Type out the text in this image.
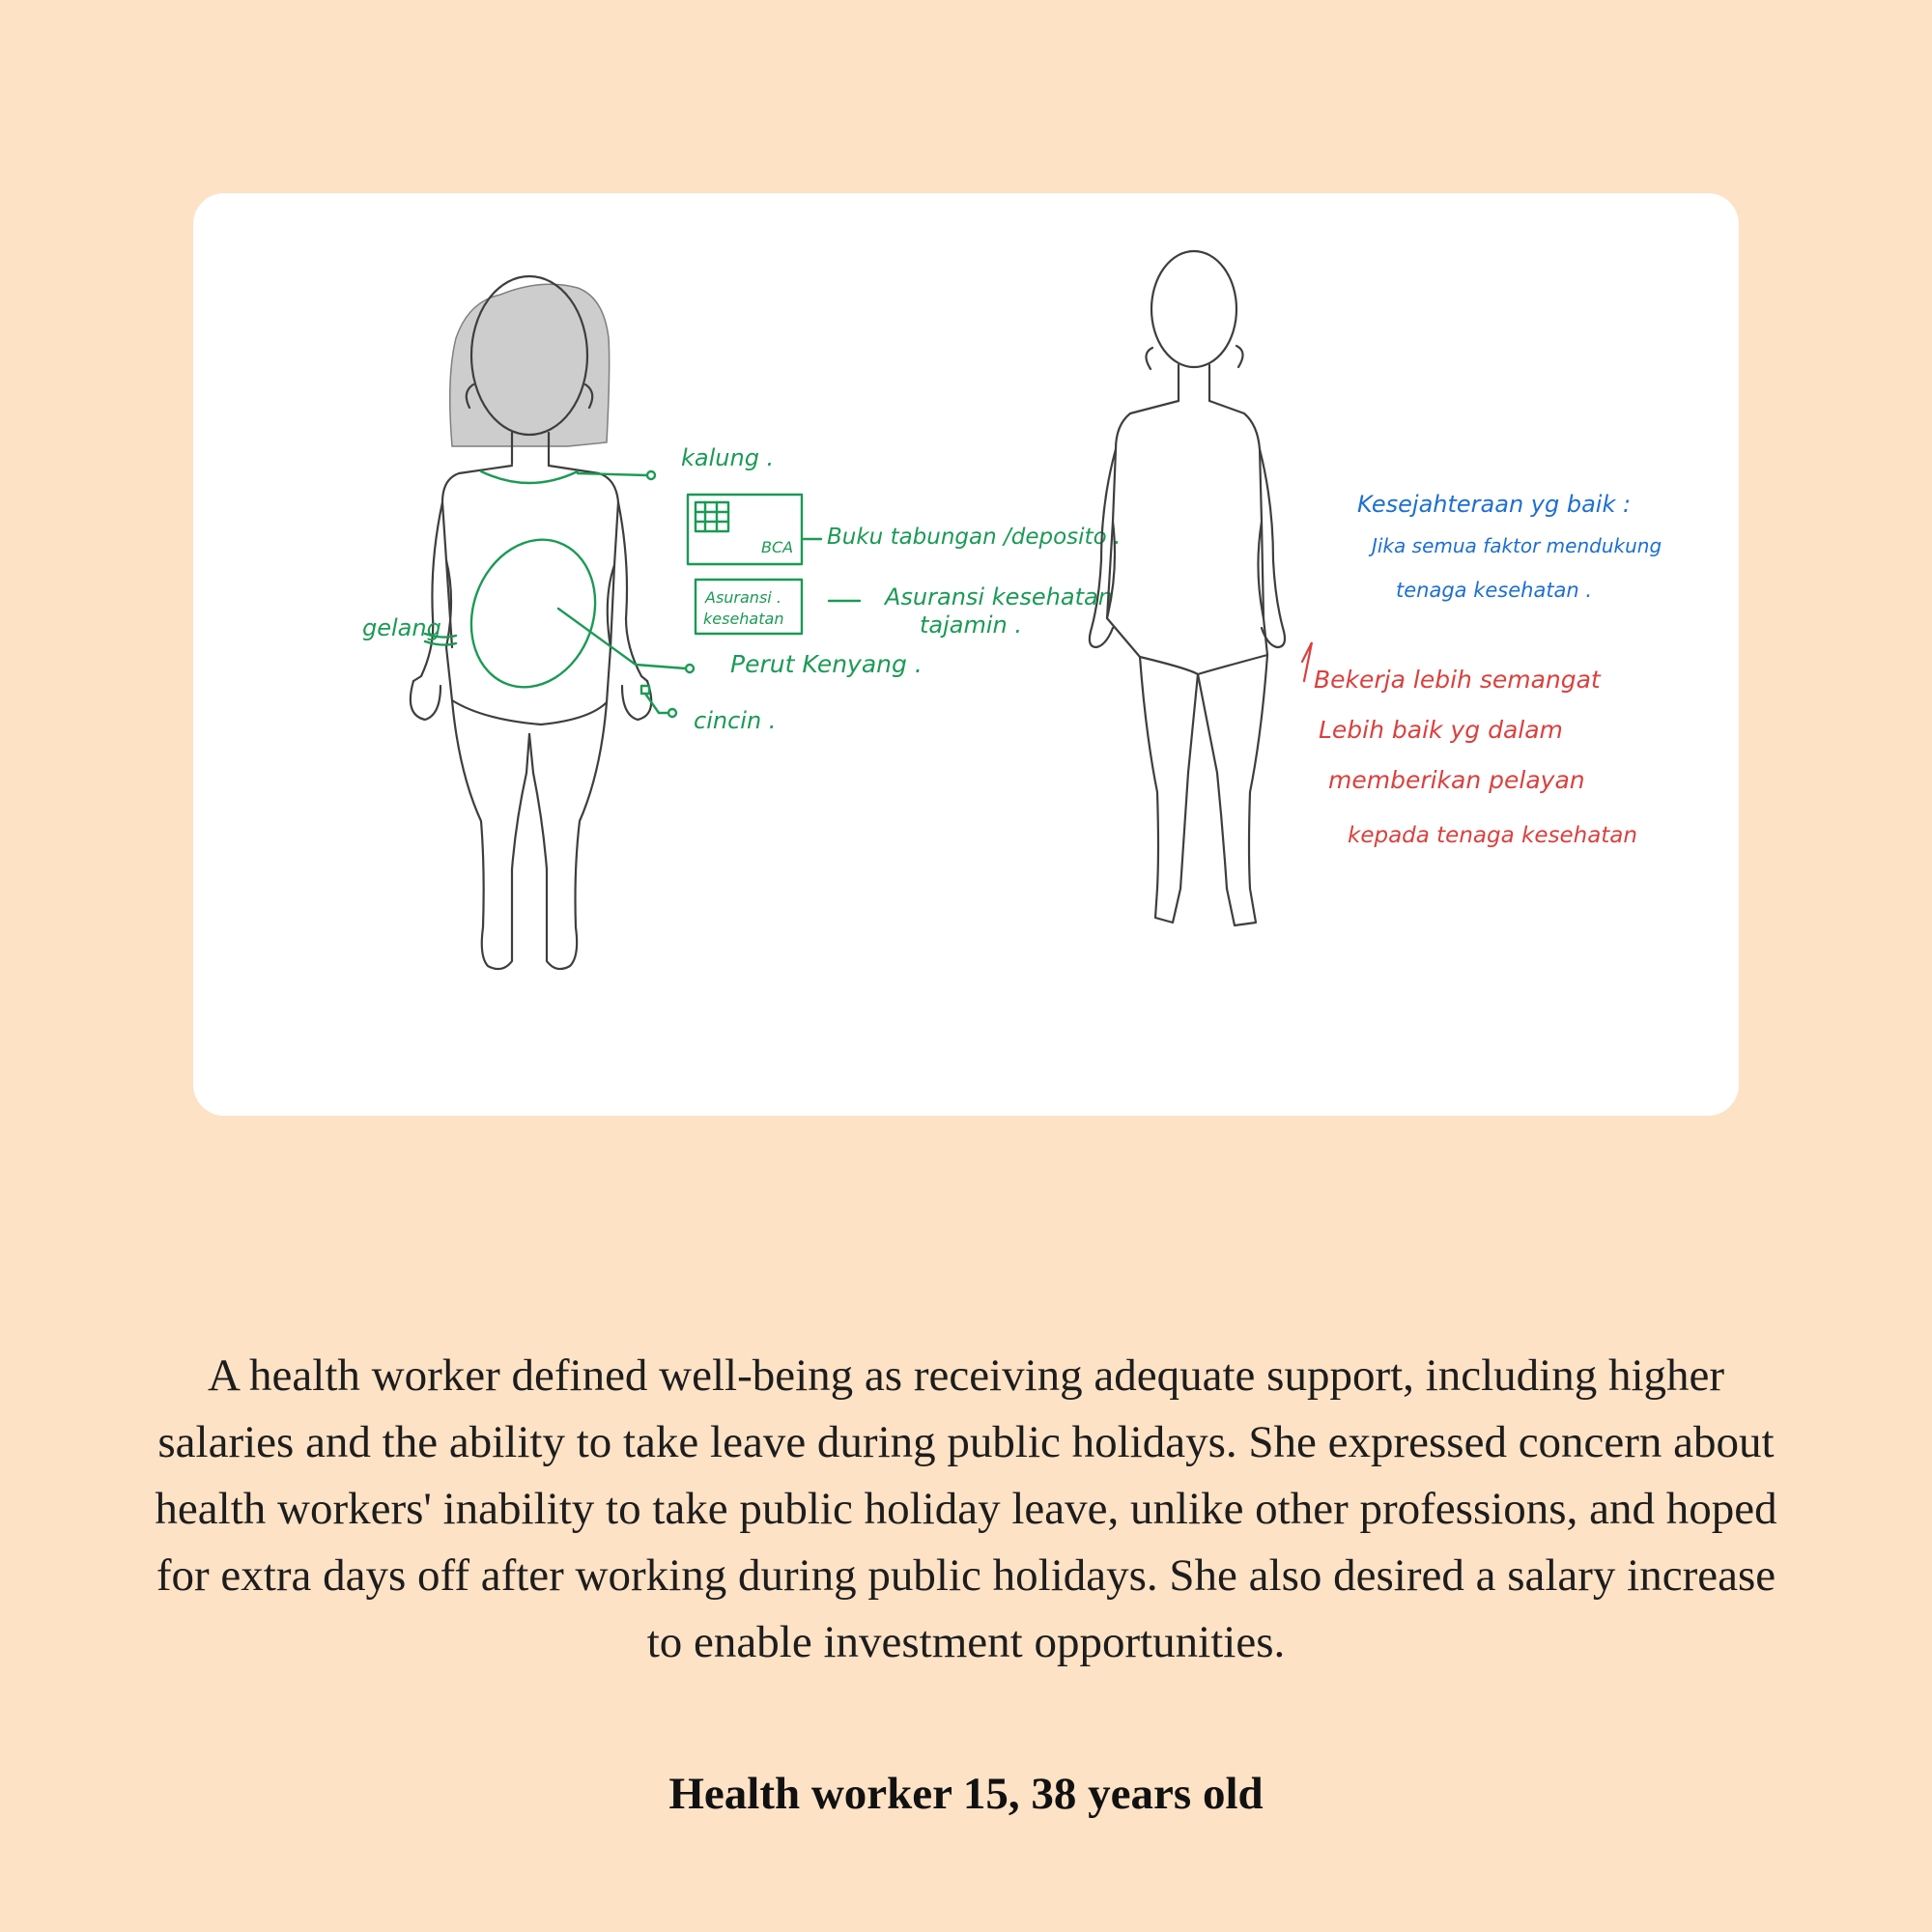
kalung .
BCA Buku tabungan /deposito .
Asuransi .
kesehatan
Asuransi kesehatan
tajamin .
Perut Kenyang .
gelang
cincin .
Kesejahteraan yg baik :
Jika semua faktor mendukung
tenaga kesehatan .
Bekerja lebih semangat
Lebih baik yg dalam
memberikan pelayan
kepada tenaga kesehatan
A health worker defined well-being as receiving adequate support, including higher salaries and the ability to take leave during public holidays. She expressed concern about health workers' inability to take public holiday leave, unlike other professions, and hoped for extra days off after working during public holidays. She also desired a salary increase to enable investment opportunities.
Health worker 15, 38 years old
